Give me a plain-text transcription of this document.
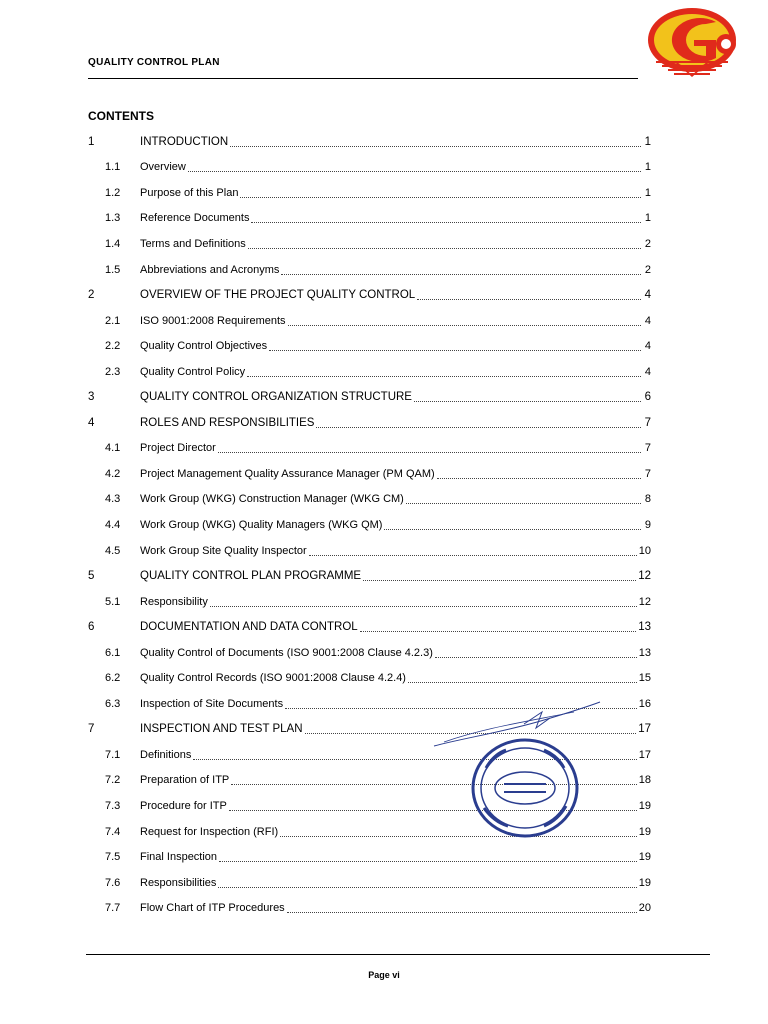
QUALITY CONTROL PLAN
CONTENTS
1	INTRODUCTION	1
1.1	Overview	1
1.2	Purpose of this Plan	1
1.3	Reference Documents	1
1.4	Terms and Definitions	2
1.5	Abbreviations and Acronyms	2
2	OVERVIEW OF THE PROJECT QUALITY CONTROL	4
2.1	ISO 9001:2008 Requirements	4
2.2	Quality Control Objectives	4
2.3	Quality Control Policy	4
3	QUALITY CONTROL ORGANIZATION STRUCTURE	6
4	ROLES AND RESPONSIBILITIES	7
4.1	Project Director	7
4.2	Project Management Quality Assurance Manager (PM QAM)	7
4.3	Work Group (WKG) Construction Manager (WKG CM)	8
4.4	Work Group (WKG) Quality Managers (WKG QM)	9
4.5	Work Group Site Quality Inspector	10
5	QUALITY CONTROL PLAN PROGRAMME	12
5.1	Responsibility	12
6	DOCUMENTATION AND DATA CONTROL	13
6.1	Quality Control of Documents (ISO 9001:2008 Clause 4.2.3)	13
6.2	Quality Control Records (ISO 9001:2008 Clause 4.2.4)	15
6.3	Inspection of Site Documents	16
7	INSPECTION AND TEST PLAN	17
7.1	Definitions	17
7.2	Preparation of ITP	18
7.3	Procedure for ITP	19
7.4	Request for Inspection (RFI)	19
7.5	Final Inspection	19
7.6	Responsibilities	19
7.7	Flow Chart of ITP Procedures	20
Page vi
